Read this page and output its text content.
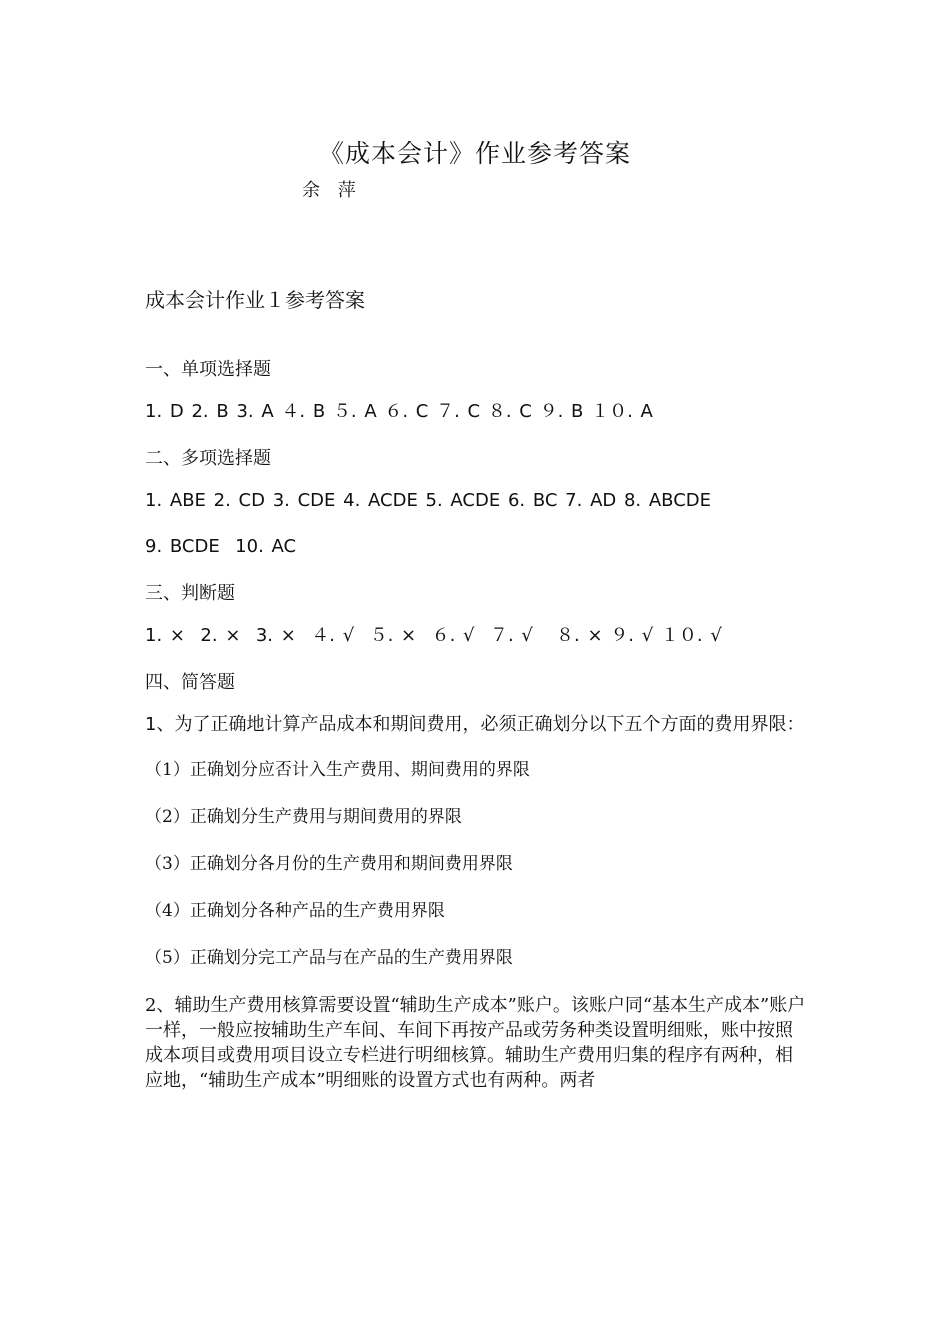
《成本会计》作业参考答案
余 萍
成本会计作业１参考答案
一、单项选择题
1. D 2. B 3. A ４. B ５. A ６. C ７. C ８. C ９. B １０. A
二、多项选择题
1. ABE 2. CD 3. CDE 4. ACDE 5. ACDE 6. BC 7. AD 8. ABCDE
9. BCDE  10. AC
三、判断题
1. ×  2. ×  3. ×  ４. √  ５. ×  ６. √  ７. √   ８. × ９. √ １０. √
四、简答题
1、为了正确地计算产品成本和期间费用，必须正确划分以下五个方面的费用界限：
（1）正确划分应否计入生产费用、期间费用的界限
（2）正确划分生产费用与期间费用的界限
（3）正确划分各月份的生产费用和期间费用界限
（4）正确划分各种产品的生产费用界限
（5）正确划分完工产品与在产品的生产费用界限
2、辅助生产费用核算需要设置“辅助生产成本”账户。该账户同“基本生产成本”账户一样，一般应按辅助生产车间、车间下再按产品或劳务种类设置明细账，账中按照成本项目或费用项目设立专栏进行明细核算。辅助生产费用归集的程序有两种，相应地，“辅助生产成本”明细账的设置方式也有两种。两者
